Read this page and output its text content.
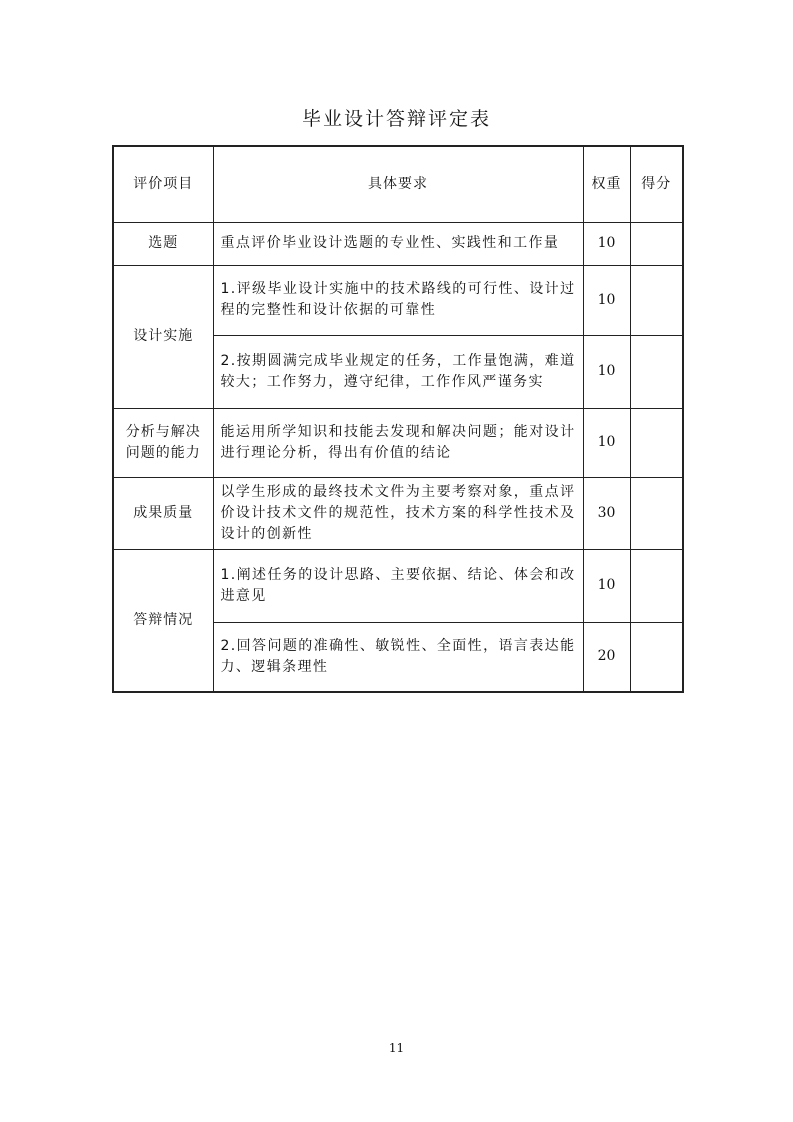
毕业设计答辩评定表
评价项目	具体要求	权重	得分
选题	重点评价毕业设计选题的专业性、实践性和工作量	10	
设计实施	1.评级毕业设计实施中的技术路线的可行性、设计过程的完整性和设计依据的可靠性	10	
	2.按期圆满完成毕业规定的任务，工作量饱满，难道较大；工作努力，遵守纪律，工作作风严谨务实	10	
分析与解决问题的能力	能运用所学知识和技能去发现和解决问题；能对设计进行理论分析，得出有价值的结论	10	
成果质量	以学生形成的最终技术文件为主要考察对象，重点评价设计技术文件的规范性，技术方案的科学性技术及设计的创新性	30	
答辩情况	1.阐述任务的设计思路、主要依据、结论、体会和改进意见	10	
	2.回答问题的准确性、敏锐性、全面性，语言表达能力、逻辑条理性	20	
11
